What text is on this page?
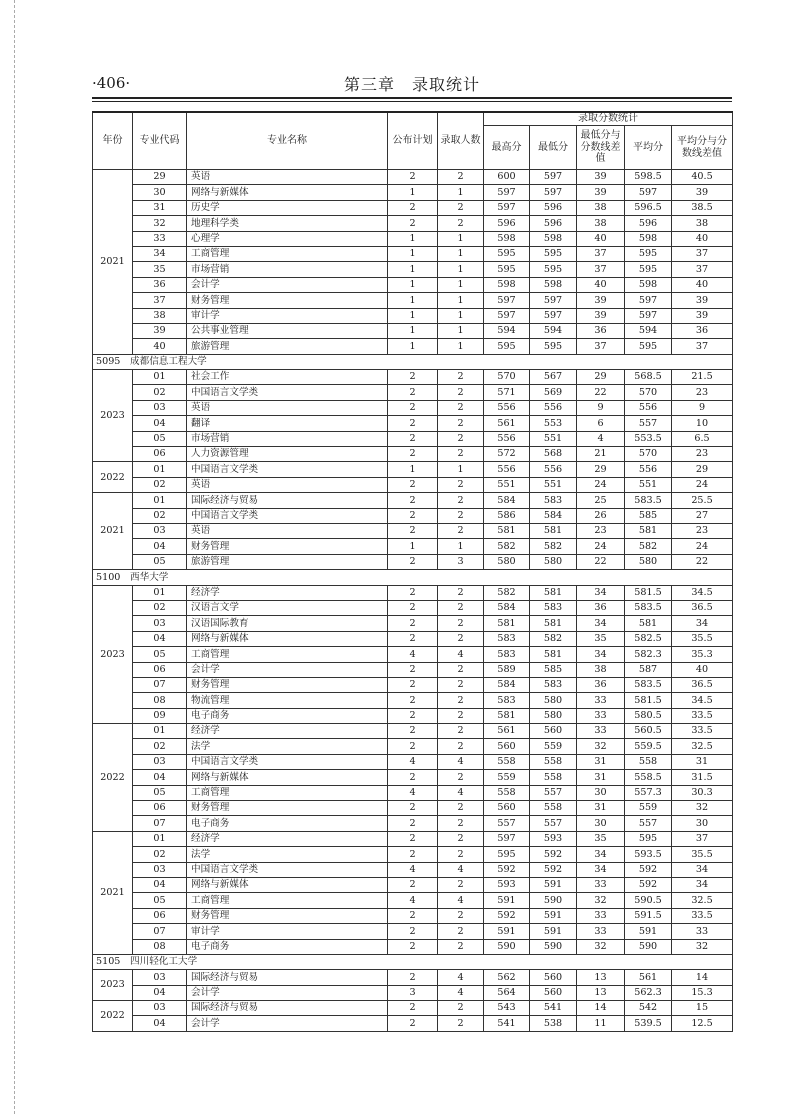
·406·	第三章　录取统计
年份	专业代码	专业名称	公布计划	录取人数	录取分数统计				
					最高分	最低分	最低分与分数线差值	平均分	平均分与分数线差值
2021	29	英语	2	2	600	597	39	598.5	40.5
	30	网络与新媒体	1	1	597	597	39	597	39
	31	历史学	2	2	597	596	38	596.5	38.5
	32	地理科学类	2	2	596	596	38	596	38
	33	心理学	1	1	598	598	40	598	40
	34	工商管理	1	1	595	595	37	595	37
	35	市场营销	1	1	595	595	37	595	37
	36	会计学	1	1	598	598	40	598	40
	37	财务管理	1	1	597	597	39	597	39
	38	审计学	1	1	597	597	39	597	39
	39	公共事业管理	1	1	594	594	36	594	36
	40	旅游管理	1	1	595	595	37	595	37
5095　成都信息工程大学									
2023	01	社会工作	2	2	570	567	29	568.5	21.5
	02	中国语言文学类	2	2	571	569	22	570	23
	03	英语	2	2	556	556	9	556	9
	04	翻译	2	2	561	553	6	557	10
	05	市场营销	2	2	556	551	4	553.5	6.5
	06	人力资源管理	2	2	572	568	21	570	23
2022	01	中国语言文学类	1	1	556	556	29	556	29
	02	英语	2	2	551	551	24	551	24
2021	01	国际经济与贸易	2	2	584	583	25	583.5	25.5
	02	中国语言文学类	2	2	586	584	26	585	27
	03	英语	2	2	581	581	23	581	23
	04	财务管理	1	1	582	582	24	582	24
	05	旅游管理	2	3	580	580	22	580	22
5100　西华大学									
2023	01	经济学	2	2	582	581	34	581.5	34.5
	02	汉语言文学	2	2	584	583	36	583.5	36.5
	03	汉语国际教育	2	2	581	581	34	581	34
	04	网络与新媒体	2	2	583	582	35	582.5	35.5
	05	工商管理	4	4	583	581	34	582.3	35.3
	06	会计学	2	2	589	585	38	587	40
	07	财务管理	2	2	584	583	36	583.5	36.5
	08	物流管理	2	2	583	580	33	581.5	34.5
	09	电子商务	2	2	581	580	33	580.5	33.5
2022	01	经济学	2	2	561	560	33	560.5	33.5
	02	法学	2	2	560	559	32	559.5	32.5
	03	中国语言文学类	4	4	558	558	31	558	31
	04	网络与新媒体	2	2	559	558	31	558.5	31.5
	05	工商管理	4	4	558	557	30	557.3	30.3
	06	财务管理	2	2	560	558	31	559	32
	07	电子商务	2	2	557	557	30	557	30
2021	01	经济学	2	2	597	593	35	595	37
	02	法学	2	2	595	592	34	593.5	35.5
	03	中国语言文学类	4	4	592	592	34	592	34
	04	网络与新媒体	2	2	593	591	33	592	34
	05	工商管理	4	4	591	590	32	590.5	32.5
	06	财务管理	2	2	592	591	33	591.5	33.5
	07	审计学	2	2	591	591	33	591	33
	08	电子商务	2	2	590	590	32	590	32
5105　四川轻化工大学									
2023	03	国际经济与贸易	2	4	562	560	13	561	14
	04	会计学	3	4	564	560	13	562.3	15.3
2022	03	国际经济与贸易	2	2	543	541	14	542	15
	04	会计学	2	2	541	538	11	539.5	12.5
